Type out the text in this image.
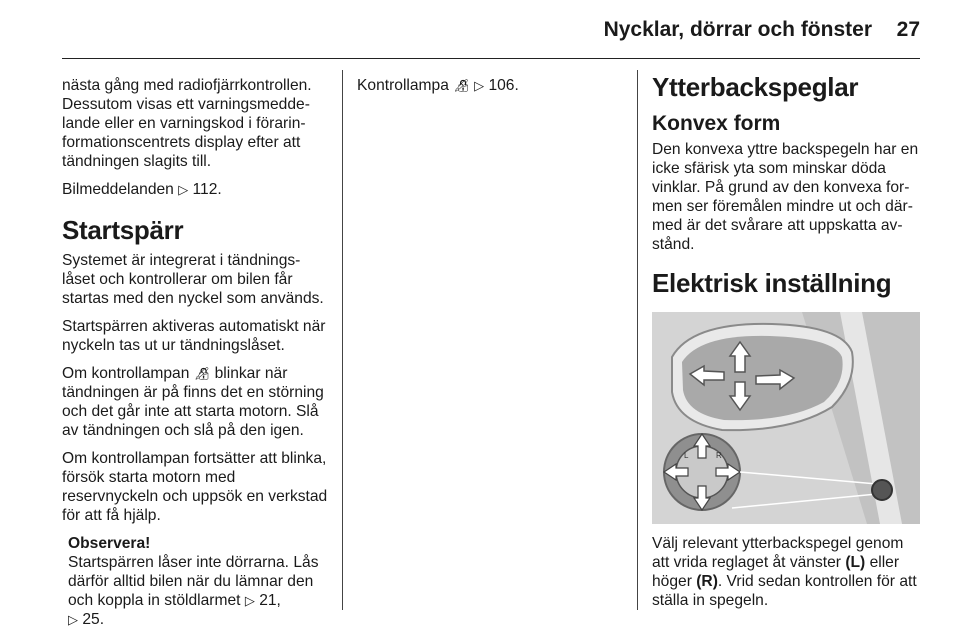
Nycklar, dörrar och fönster 27

nästa gång med radiofjärrkontrollen. Dessutom visas ett varningsmeddelande eller en varningskod i förarinformationscentrets display efter att tändningen slagits till.

Bilmeddelanden ▷ 112.

Startspärr

Systemet är integrerat i tändningslåset och kontrollerar om bilen får startas med den nyckel som används.

Startspärren aktiveras automatiskt när nyckeln tas ut ur tändningslåset.

Om kontrollampan 🔏︎ blinkar när tändningen är på finns det en störning och det går inte att starta motorn. Slå av tändningen och slå på den igen.

Om kontrollampan fortsätter att blinka, försök starta motorn med reservnyckeln och uppsök en verkstad för att få hjälp.

Observera!
Startspärren låser inte dörrarna. Lås därför alltid bilen när du lämnar den och koppla in stöldlarmet ▷ 21,
▷ 25.

Kontrollampa 🔏︎ ▷ 106.	Ytterbackspeglar
Konvex form

Den konvexa yttre backspegeln har en icke sfärisk yta som minskar döda vinklar. På grund av den konvexa formen ser föremålen mindre ut och därmed är det svårare att uppskatta avstånd.

Elektrisk inställning
L	R

Välj relevant ytterbackspegel genom att vrida reglaget åt vänster (L) eller höger (R). Vrid sedan kontrollen för att ställa in spegeln.
